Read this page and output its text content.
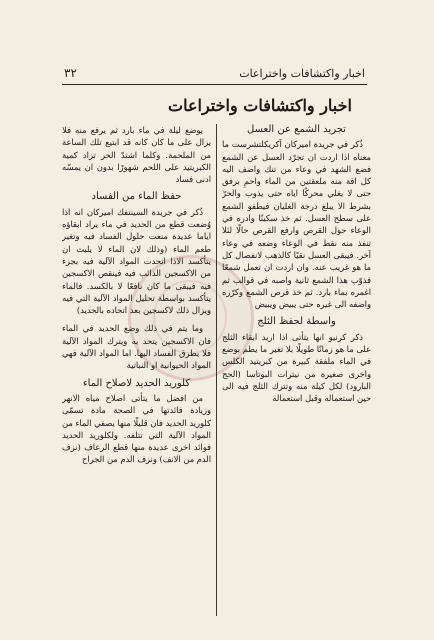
٣٢	اخبار واكتشافات واختراعات
اخبار واكتشافات واختراعات
تجريد الشمع عن العسل

ذُكر في جريدة اميركان آكريكلتشرست ما معناه اذا اردت ان تجرّد العسل عن الشمع فضع الشهد في وعاء من تنك واضف اليه كل اقة منه ملعقتين من الماء واحمِ برفق حتى لا يغلي محركًا اياه حتى يذوب والحرّ بشرط الا يبلغ درجة الغليان فيطفو الشمع على سطح العسل. ثم خذ سكينًا وادره في الوعاء حول القرص وارفع القرص حالًا لئلا تنفذ منه نقط في الوعاء وضعه في وعاء آخر. فيبقى العسل نقيًا كالذهب لانفصال كل ما هو غريب عنه. وان اردت ان تعمل شمعًا فذوّب هذا الشمع ثانية واصبه في قوالب ثم اغمره بماء بارد. ثم خذ قرص الشمع وكرّره واضفه الى غيره حتى يبيض ويبيض

واسطة لحفظ الثلج

ذكر كرنيو انها يتأتى اذا اريد ابقاء الثلج على ما هو زمانًا طويلًا بلا تغير ما يطم بوضع في الماء ملفقة كبيرة من كبريتيد الكلس واخرى صغيرة من نيترات البوتاسا (الحج البارود) لكل كيلة منه وتترك الثلج فيه الى حين استعماله وقبل استعماله

يوضع ليلة في ماء بارد ثم يرفع منه فلا يزال على ما كان كانه قد ابتيع تلك الساعة من الملحمة. وكلما اشتدّ الحر تزاد كمية الكبريتيد على اللحم شهورًا بدون ان يمسّه ادنى فساد

حفظ الماء من الفساد

ذُكر في جريدة السينتفك اميركان انه اذا وُضعت قطع من الحديد في ماء يراد ابقاؤه اياما عديدة منعت حلول الفساد فيه وتغير طعم الماء (وذلك لان الماء لا يلبث ان يتأكسد الاذا اتحدت المواد الآلية فيه بجزء من الاكسجين الذائب فيه فينقص الاكسجين فيه فيبقى ما كان نافعًا لا بالكسد. فالماء يتأكسد بواسطة تحليل المواد الآلية التي فيه ويزال ذلك لاكسجين بعد اتحاده بالحديد)

وما يتم في ذلك وضع الحديد في الماء فان الاكسجين يتحد به ويترك المواد الآلية فلا يطرق الفساد اليها. اما المواد الآلية فهي المواد الحيوانية او النباتية

كلوريد الحديد لاصلاح الماء

من افضل ما يتأتى اصلاح مياه الانهر وزيادة فائدتها في الصحة مادة تسمّى كلوريد الحديد فان قليلًا منها يصفي الماء من المواد الآلية التي تتلفه. ولكلوريد الحديد فوائد اخرى عديدة منها قطع الرعاف (نزف الدم من الانف) ونزف الدم من الجراح
